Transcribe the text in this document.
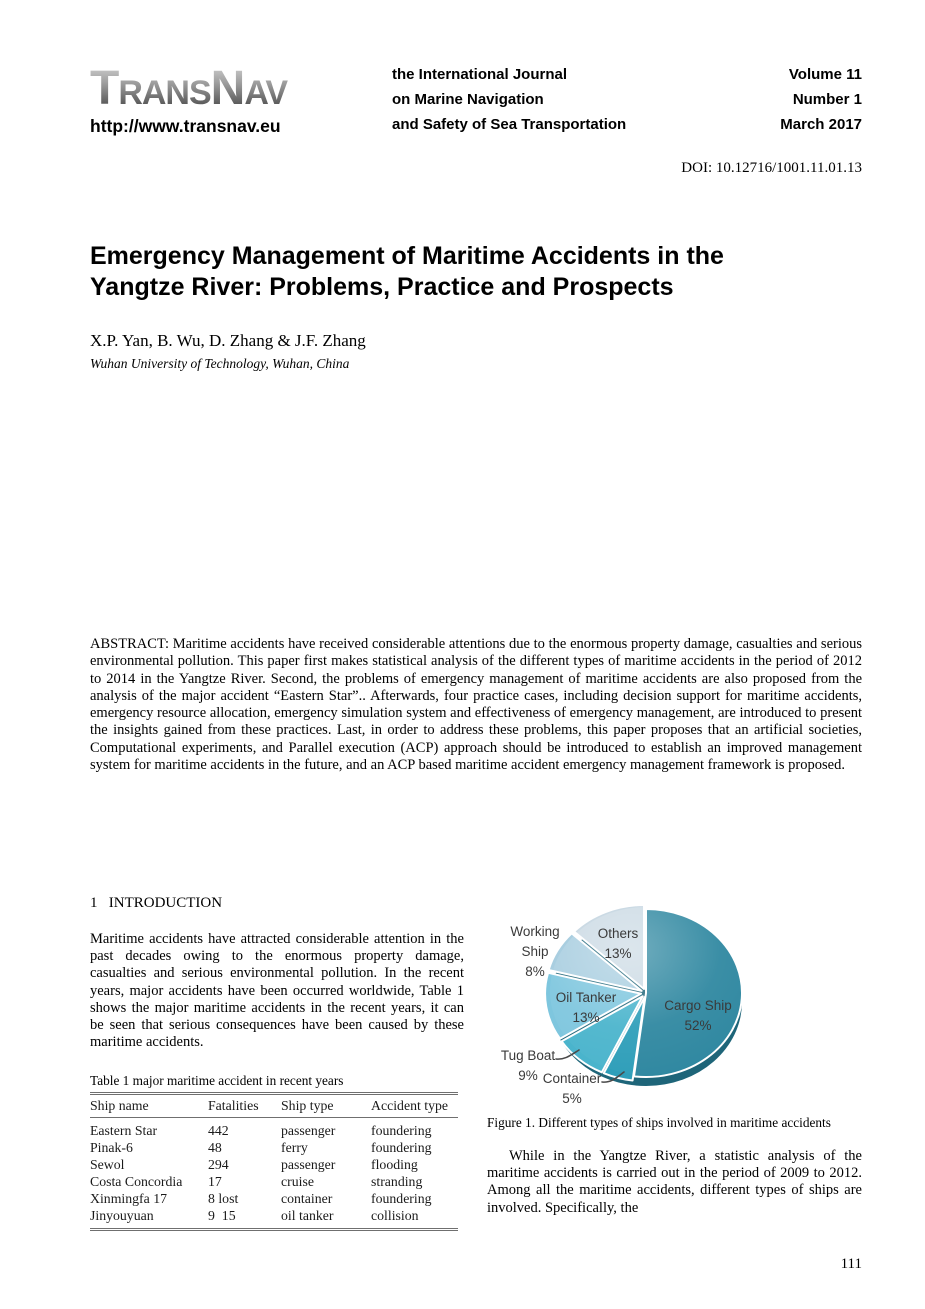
TRANSNAV
http://www.transnav.eu
the International Journal
on Marine Navigation
and Safety of Sea Transportation
Volume 11
Number 1
March 2017
DOI: 10.12716/1001.11.01.13
Emergency Management of Maritime Accidents in the
Yangtze River: Problems, Practice and Prospects
X.P. Yan, B. Wu, D. Zhang & J.F. Zhang
Wuhan University of Technology, Wuhan, China
ABSTRACT: Maritime accidents have received considerable attentions due to the enormous property damage, casualties and serious environmental pollution. This paper first makes statistical analysis of the different types of maritime accidents in the period of 2012 to 2014 in the Yangtze River. Second, the problems of emergency management of maritime accidents are also proposed from the analysis of the major accident “Eastern Star”.. Afterwards, four practice cases, including decision support for maritime accidents, emergency resource allocation, emergency simulation system and effectiveness of emergency management, are introduced to present the insights gained from these practices. Last, in order to address these problems, this paper proposes that an artificial societies, Computational experiments, and Parallel execution (ACP) approach should be introduced to establish an improved management system for maritime accidents in the future, and an ACP based maritime accident emergency management framework is proposed.
1   INTRODUCTION
Maritime accidents have attracted considerable attention in the past decades owing to the enormous property damage, casualties and serious environmental pollution. In the recent years, major accidents have been occurred worldwide, Table 1 shows the major maritime accidents in the recent years, it can be seen that serious consequences have been caused by these maritime accidents.
Table 1 major maritime accident in recent years
Ship name	Fatalities	Ship type	Accident type
Eastern Star	442	passenger	foundering
Pinak-6	48	ferry	foundering
Sewol	294	passenger	flooding
Costa Concordia	17	cruise	stranding
Xinmingfa 17	8 lost	container	foundering
Jinyouyuan	9  15	oil tanker	collision
Cargo Ship
52%
Container
5%
Tug Boat
9%
Oil Tanker
13%
Working Ship
8%
Others
13%
Figure 1. Different types of ships involved in maritime accidents
While in the Yangtze River, a statistic analysis of the maritime accidents is carried out in the period of 2009 to 2012. Among all the maritime accidents, different types of ships are involved. Specifically, the
111
